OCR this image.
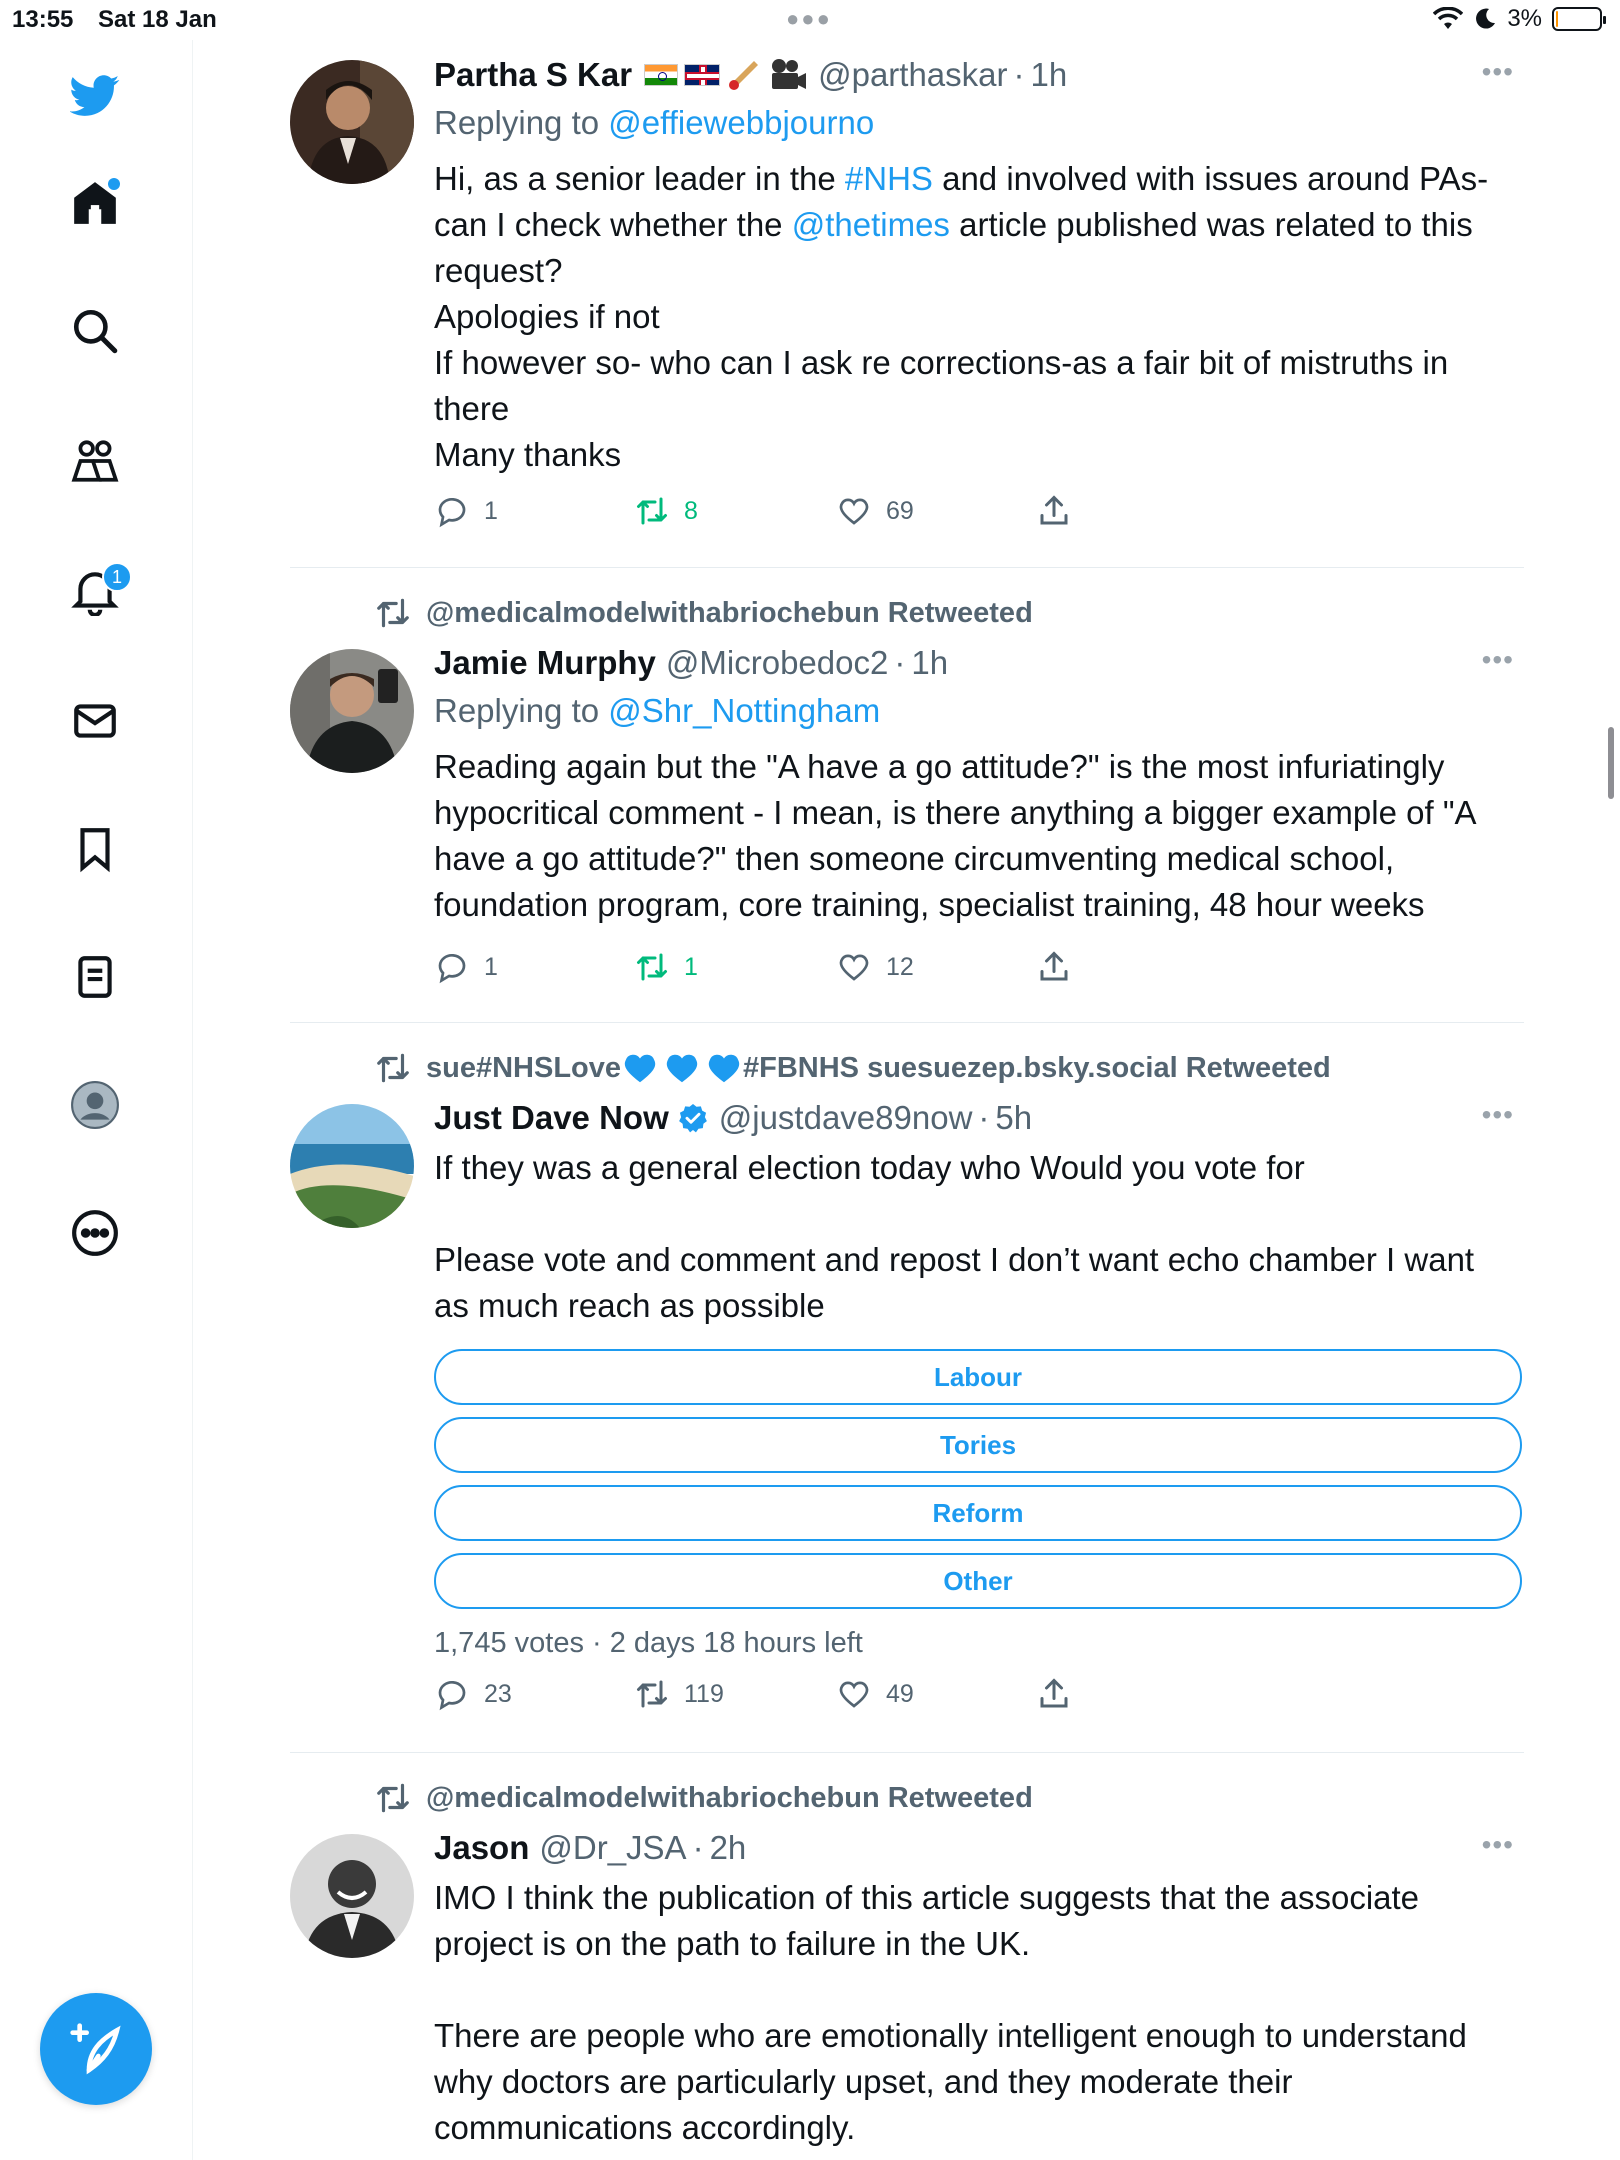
13:55 Sat 18 Jan	●●●	3%
1
Partha S Kar	@parthaskar · 1h	•••
Replying to @effiewebbjourno

Hi, as a senior leader in the #NHS and involved with issues around PAs- can I check whether the @thetimes article published was related to this request?

Apologies if not

If however so- who can I ask re corrections-as a fair bit of mistruths in there

Many thanks

1	8	69
@medicalmodelwithabriochebun Retweeted
Jamie Murphy @Microbedoc2 · 1h	•••
Replying to @Shr_Nottingham
Reading again but the "A have a go attitude?" is the most infuriatingly hypocritical comment - I mean, is there anything a bigger example of "A have a go attitude?" then someone circumventing medical school, foundation program, core training, specialist training, 48 hour weeks
1	1	12
sue#NHSLove	#FBNHS suesuezep.bsky.social Retweeted
Just Dave Now @justdave89now · 5h	•••

If they was a general election today who Would you vote for

Please vote and comment and repost I don’t want echo chamber I want as much reach as possible

Labour
Tories
Reform
Other
1,745 votes · 2 days 18 hours left
23	119	49
@medicalmodelwithabriochebun Retweeted
Jason @Dr_JSA · 2h	•••

IMO I think the publication of this article suggests that the associate project is on the path to failure in the UK.

There are people who are emotionally intelligent enough to understand why doctors are particularly upset, and they moderate their communications accordingly.
